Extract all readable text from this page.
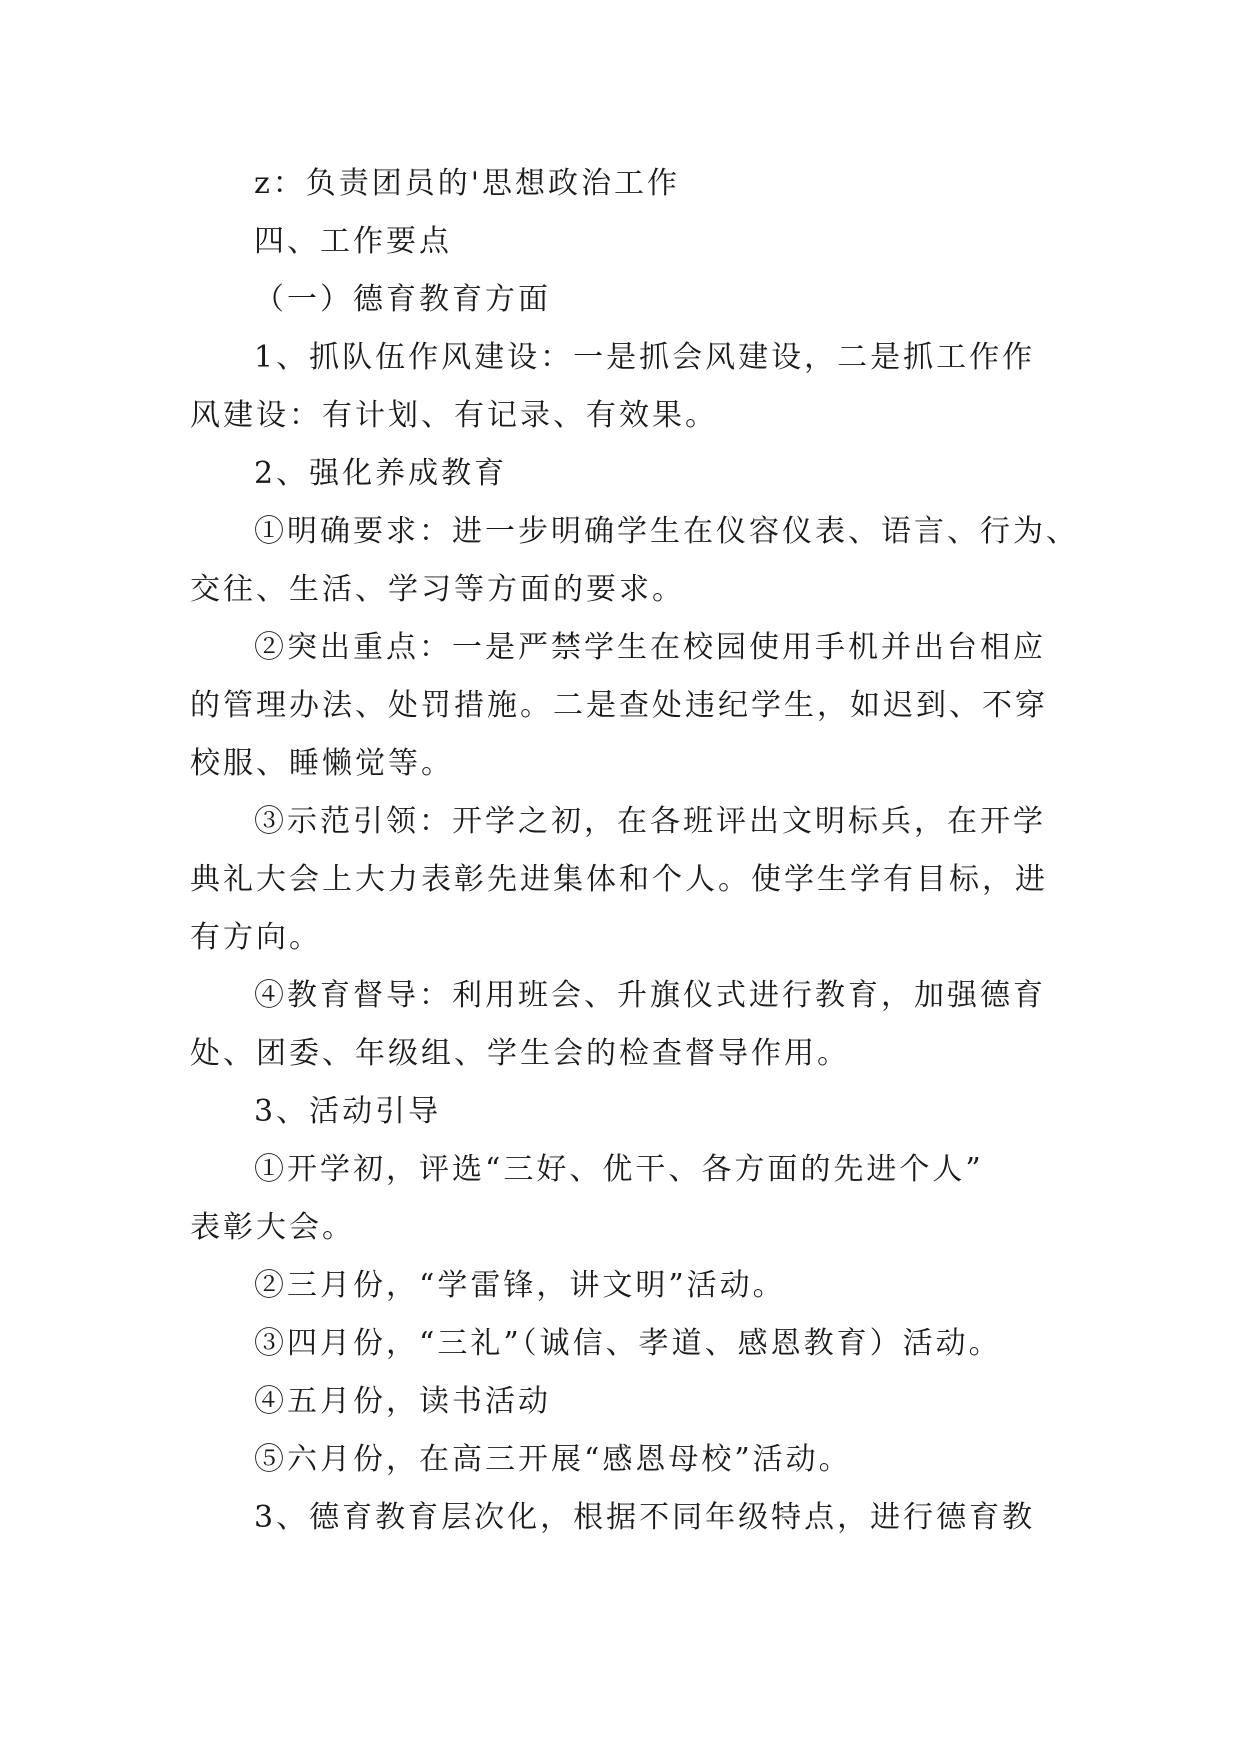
z：负责团员的'思想政治工作
四、工作要点
（一）德育教育方面
1、抓队伍作风建设：一是抓会风建设，二是抓工作作
风建设：有计划、有记录、有效果。
2、强化养成教育
①明确要求：进一步明确学生在仪容仪表、语言、行为、
交往、生活、学习等方面的要求。
②突出重点：一是严禁学生在校园使用手机并出台相应
的管理办法、处罚措施。二是查处违纪学生，如迟到、不穿
校服、睡懒觉等。
③示范引领：开学之初，在各班评出文明标兵，在开学
典礼大会上大力表彰先进集体和个人。使学生学有目标，进
有方向。
④教育督导：利用班会、升旗仪式进行教育，加强德育
处、团委、年级组、学生会的检查督导作用。
3、活动引导
①开学初，评选“三好、优干、各方面的先进个人”
表彰大会。
②三月份，“学雷锋，讲文明”活动。
③四月份，“三礼”（诚信、孝道、感恩教育）活动。
④五月份，读书活动
⑤六月份，在高三开展“感恩母校”活动。
3、德育教育层次化，根据不同年级特点，进行德育教
